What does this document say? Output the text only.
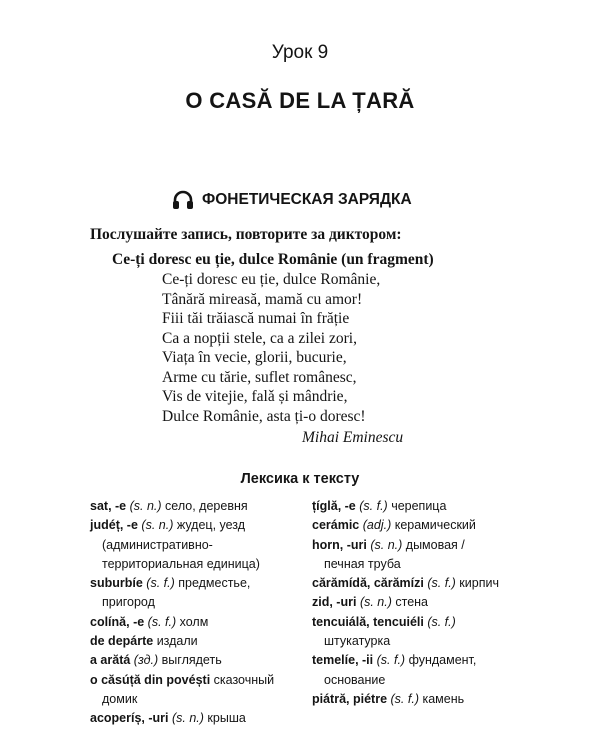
Урок 9
O CASĂ DE LA ȚARĂ
ФОНЕТИЧЕСКАЯ ЗАРЯДКА
Послушайте запись, повторите за диктором:
Ce-ți doresc eu ție, dulce Românie (un fragment)
Ce-ți doresc eu ție, dulce Românie,
Tânără mireasă, mamă cu amor!
Fiii tăi trăiască numai în frăție
Ca a nopții stele, ca a zilei zori,
Viața în vecie, glorii, bucurie,
Arme cu tărie, suflet românesc,
Vis de vitejie, falǎ și mândrie,
Dulce Românie, asta ți-o doresc!
Mihai Eminescu
Лексика к тексту
sat, -e (s. n.) село, деревня
judéț, -e (s. n.) жудец, уезд (административно-территориальная единица)
suburbíe (s. f.) предместье, пригород
colínă, -e (s. f.) холм
de depárte издали
a arătá (зд.) выглядеть
o căsúță din povéști сказочный домик
acoperíș, -uri (s. n.) крыша
țíglă, -e (s. f.) черепица
cerámic (adj.) керамический
horn, -uri (s. n.) дымовая / печная труба
cărămídă, cărămízi (s. f.) кирпич
zid, -uri (s. n.) стена
tencuiálă, tencuiéli (s. f.) штукатурка
temelíe, -ii (s. f.) фундамент, основание
piátră, piétre (s. f.) камень
